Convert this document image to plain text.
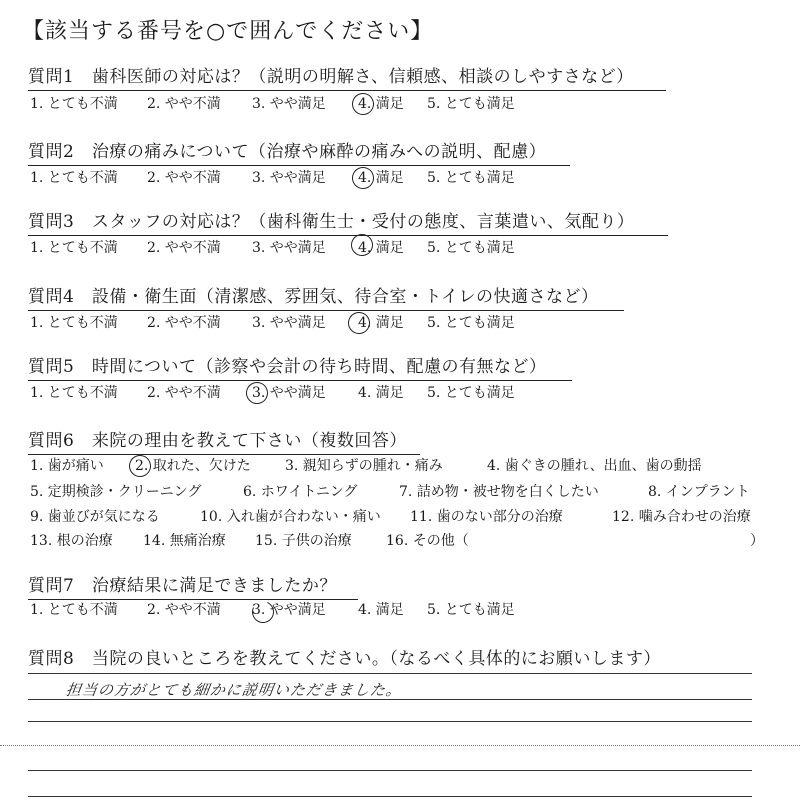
【該当する番号を○で囲んでください】
質問1　歯科医師の対応は？（説明の明解さ、信頼感、相談のしやすさなど）
1. とても不満 2. やや不満 3. やや満足 4. 満足 5. とても満足
質問2　治療の痛みについて（治療や麻酔の痛みへの説明、配慮）
1. とても不満 2. やや不満 3. やや満足 4. 満足 5. とても満足
質問3　スタッフの対応は？（歯科衛生士・受付の態度、言葉遣い、気配り）
1. とても不満 2. やや不満 3. やや満足 4. 満足 5. とても満足
質問4　設備・衛生面（清潔感、雰囲気、待合室・トイレの快適さなど）
1. とても不満 2. やや不満 3. やや満足 4. 満足 5. とても満足
質問5　時間について（診察や会計の待ち時間、配慮の有無など）
1. とても不満 2. やや不満 3. やや満足 4. 満足 5. とても満足
質問6　来院の理由を教えて下さい（複数回答）
1. 歯が痛い 2. 取れた、欠けた 3. 親知らずの腫れ・痛み	4. 歯ぐきの腫れ、出血、歯の動揺
5. 定期検診・クリーニング	6. ホワイトニング	7. 詰め物・被せ物を白くしたい	8. インプラント
9. 歯並びが気になる	10. 入れ歯が合わない・痛い 11. 歯のない部分の治療	12. 噛み合わせの治療
13. 根の治療 14. 無痛治療 15. 子供の治療 16. その他（	）
質問7　治療結果に満足できましたか？
1. とても不満 2. やや不満 3. やや満足 4. 満足 5. とても満足
質問8　当院の良いところを教えてください。（なるべく具体的にお願いします）
担当の方がとても細かに説明いただきました。
